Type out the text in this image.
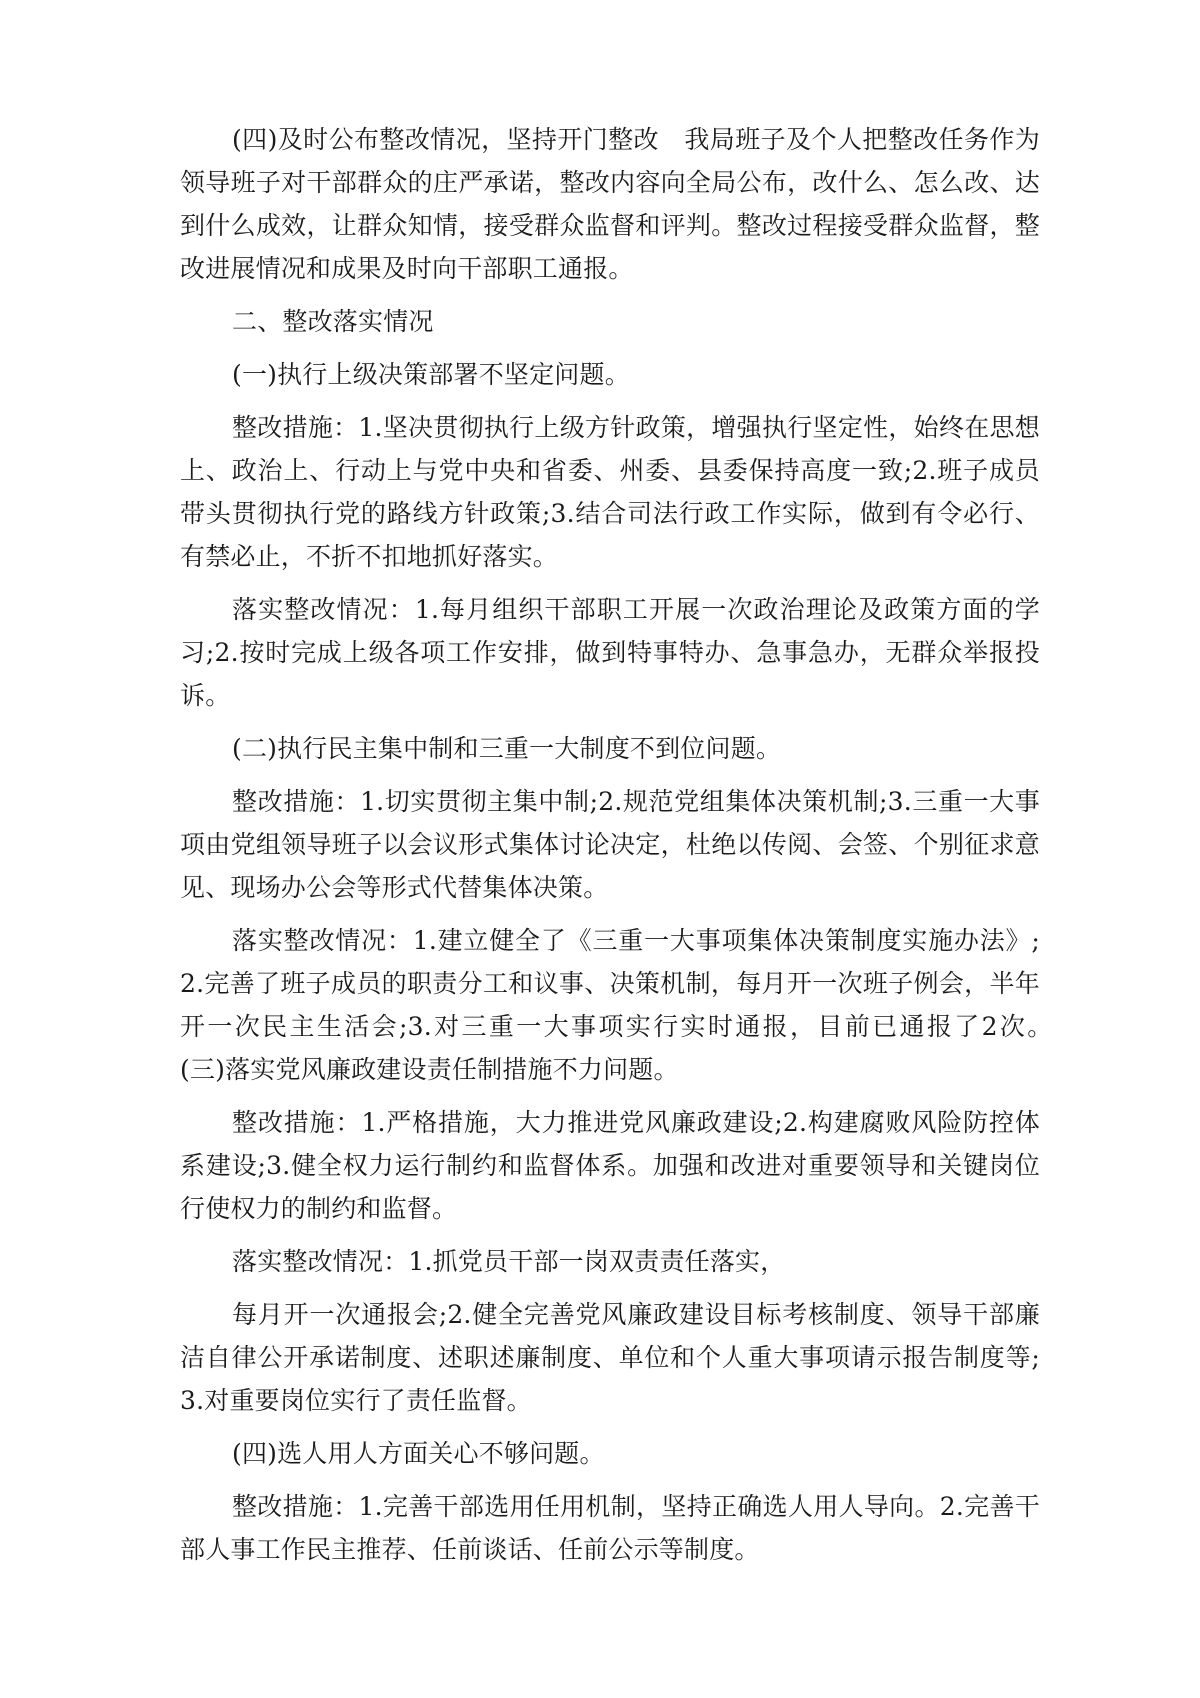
(四)及时公布整改情况，坚持开门整改　我局班子及个人把整改任务作为领导班子对干部群众的庄严承诺，整改内容向全局公布，改什么、怎么改、达到什么成效，让群众知情，接受群众监督和评判。整改过程接受群众监督，整改进展情况和成果及时向干部职工通报。

二、整改落实情况

(一)执行上级决策部署不坚定问题。

整改措施：1.坚决贯彻执行上级方针政策，增强执行坚定性，始终在思想上、政治上、行动上与党中央和省委、州委、县委保持高度一致;2.班子成员带头贯彻执行党的路线方针政策;3.结合司法行政工作实际，做到有令必行、有禁必止，不折不扣地抓好落实。

落实整改情况：1.每月组织干部职工开展一次政治理论及政策方面的学习;2.按时完成上级各项工作安排，做到特事特办、急事急办，无群众举报投诉。

(二)执行民主集中制和三重一大制度不到位问题。

整改措施：1.切实贯彻主集中制;2.规范党组集体决策机制;3.三重一大事项由党组领导班子以会议形式集体讨论决定，杜绝以传阅、会签、个别征求意见、现场办公会等形式代替集体决策。

落实整改情况：1.建立健全了《三重一大事项集体决策制度实施办法》;2.完善了班子成员的职责分工和议事、决策机制，每月开一次班子例会，半年开一次民主生活会;3.对三重一大事项实行实时通报，目前已通报了2次。　(三)落实党风廉政建设责任制措施不力问题。

整改措施：1.严格措施，大力推进党风廉政建设;2.构建腐败风险防控体系建设;3.健全权力运行制约和监督体系。加强和改进对重要领导和关键岗位行使权力的制约和监督。

落实整改情况：1.抓党员干部一岗双责责任落实，

每月开一次通报会;2.健全完善党风廉政建设目标考核制度、领导干部廉洁自律公开承诺制度、述职述廉制度、单位和个人重大事项请示报告制度等;3.对重要岗位实行了责任监督。

(四)选人用人方面关心不够问题。

整改措施：1.完善干部选用任用机制，坚持正确选人用人导向。2.完善干部人事工作民主推荐、任前谈话、任前公示等制度。
